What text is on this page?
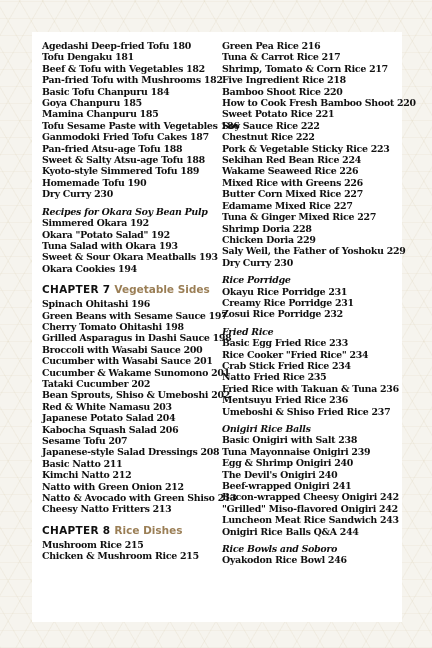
Agedashi Deep-fried Tofu 180
Tofu Dengaku 181
Beef & Tofu with Vegetables 182
Pan-fried Tofu with Mushrooms 182
Basic Tofu Chanpuru 184
Goya Chanpuru 185
Mamina Chanpuru 185
Tofu Sesame Paste with Vegetables 186
Ganmodoki Fried Tofu Cakes 187
Pan-fried Atsu-age Tofu 188
Sweet & Salty Atsu-age Tofu 188
Kyoto-style Simmered Tofu 189
Homemade Tofu 190
Dry Curry 230
Recipes for Okara Soy Bean Pulp
Simmered Okara 192
Okara "Potato Salad" 192
Tuna Salad with Okara 193
Sweet & Sour Okara Meatballs 193
Okara Cookies 194
CHAPTER 7 Vegetable Sides
Spinach Ohitashi 196
Green Beans with Sesame Sauce 197
Cherry Tomato Ohitashi 198
Grilled Asparagus in Dashi Sauce 198
Broccoli with Wasabi Sauce 200
Cucumber with Wasabi Sauce 201
Cucumber & Wakame Sunomono 201
Tataki Cucumber 202
Bean Sprouts, Shiso & Umeboshi 202
Red & White Namasu 203
Japanese Potato Salad 204
Kabocha Squash Salad 206
Sesame Tofu 207
Japanese-style Salad Dressings 208
Basic Natto 211
Kimchi Natto 212
Natto with Green Onion 212
Natto & Avocado with Green Shiso 213
Cheesy Natto Fritters 213
CHAPTER 8 Rice Dishes
Mushroom Rice 215
Chicken & Mushroom Rice 215
Green Pea Rice 216
Tuna & Carrot Rice 217
Shrimp, Tomato & Corn Rice 217
Five Ingredient Rice 218
Bamboo Shoot Rice 220
How to Cook Fresh Bamboo Shoot 220
Sweet Potato Rice 221
Soy Sauce Rice 222
Chestnut Rice 222
Pork & Vegetable Sticky Rice 223
Sekihan Red Bean Rice 224
Wakame Seaweed Rice 226
Mixed Rice with Greens 226
Butter Corn Mixed Rice 227
Edamame Mixed Rice 227
Tuna & Ginger Mixed Rice 227
Shrimp Doria 228
Chicken Doria 229
Saly Weil, the Father of Yoshoku 229
Dry Curry 230
Rice Porridge
Okayu Rice Porridge 231
Creamy Rice Porridge 231
Zosui Rice Porridge 232
Fried Rice
Basic Egg Fried Rice 233
Rice Cooker "Fried Rice" 234
Crab Stick Fried Rice 234
Natto Fried Rice 235
Fried Rice with Takuan & Tuna 236
Mentsuyu Fried Rice 236
Umeboshi & Shiso Fried Rice 237
Onigiri Rice Balls
Basic Onigiri with Salt 238
Tuna Mayonnaise Onigiri 239
Egg & Shrimp Onigiri 240
The Devil's Onigiri 240
Beef-wrapped Onigiri 241
Bacon-wrapped Cheesy Onigiri 242
"Grilled" Miso-flavored Onigiri 242
Luncheon Meat Rice Sandwich 243
Onigiri Rice Balls Q&A 244
Rice Bowls and Soboro
Oyakodon Rice Bowl 246
